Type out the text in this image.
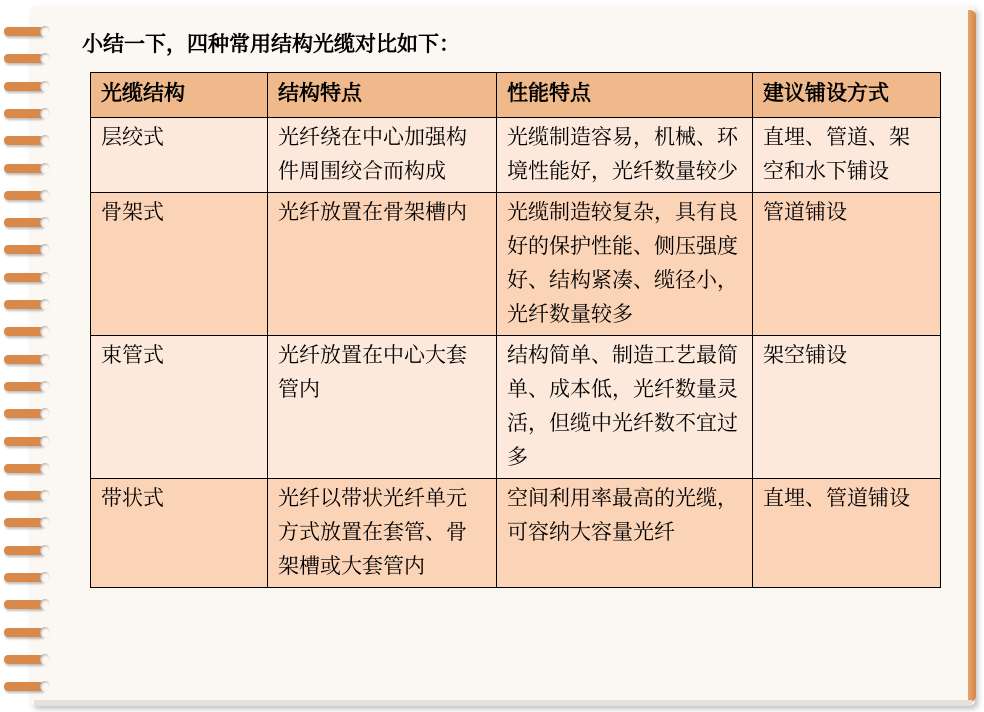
小结一下，四种常用结构光缆对比如下：
光缆结构	结构特点	性能特点	建议铺设方式
层绞式	光纤绕在中心加强构件周围绞合而构成	光缆制造容易，机械、环境性能好，光纤数量较少	直埋、管道、架空和水下铺设
骨架式	光纤放置在骨架槽内	光缆制造较复杂，具有良好的保护性能、侧压强度好、结构紧凑、缆径小，光纤数量较多	管道铺设
束管式	光纤放置在中心大套管内	结构简单、制造工艺最简单、成本低，光纤数量灵活，但缆中光纤数不宜过多	架空铺设
带状式	光纤以带状光纤单元方式放置在套管、骨架槽或大套管内	空间利用率最高的光缆，可容纳大容量光纤	直埋、管道铺设
